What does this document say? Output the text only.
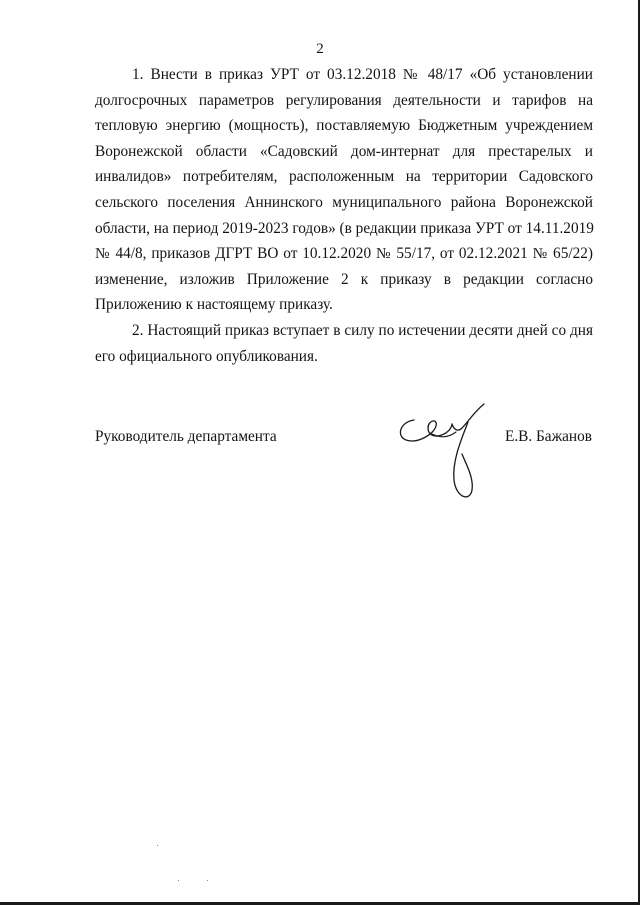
2
1. Внести в приказ УРТ от 03.12.2018 № 48/17 «Об установлении
долгосрочных параметров регулирования деятельности и тарифов на
тепловую энергию (мощность), поставляемую Бюджетным учреждением
Воронежской области «Садовский дом-интернат для престарелых и
инвалидов» потребителям, расположенным на территории Садовского
сельского поселения Аннинского муниципального района Воронежской
области, на период 2019-2023 годов» (в редакции приказа УРТ от 14.11.2019
№ 44/8, приказов ДГРТ ВО от 10.12.2020 № 55/17, от 02.12.2021 № 65/22)
изменение, изложив Приложение 2 к приказу в редакции согласно
Приложению к настоящему приказу.
2. Настоящий приказ вступает в силу по истечении десяти дней со дня
его официального опубликования.
Руководитель департамента	Е.В. Бажанов
